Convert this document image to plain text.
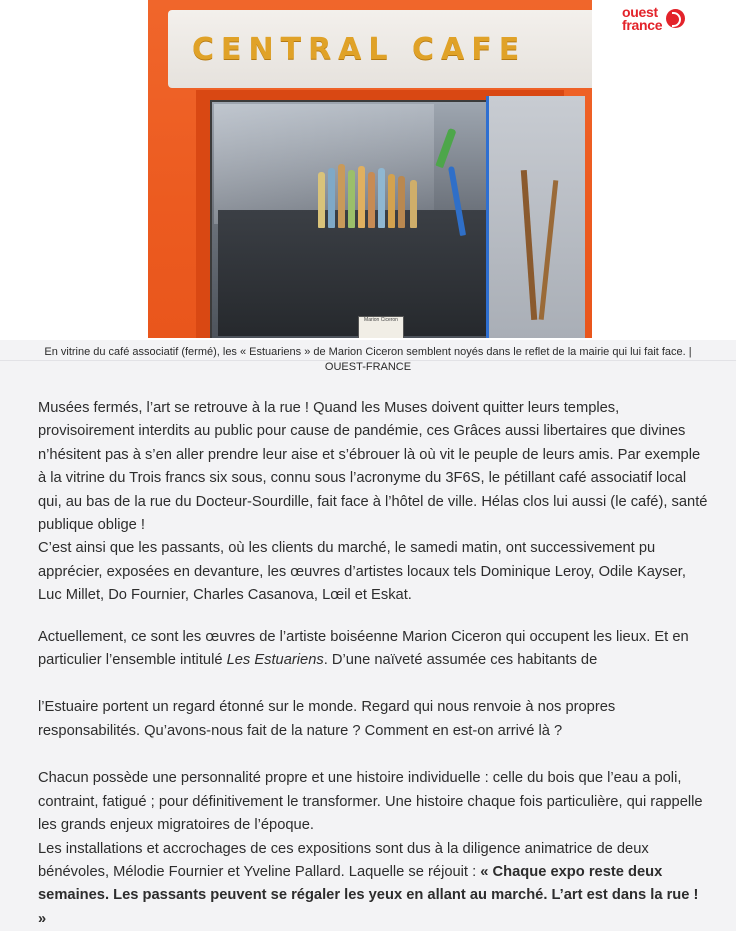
CENTRAL CAFE
Marion Ciceron
ouest
france
En vitrine du café associatif (fermé), les « Estuariens » de Marion Ciceron semblent noyés dans le reflet de la mairie qui lui fait face. | OUEST-FRANCE

Musées fermés, l’art se retrouve à la rue ! Quand les Muses doivent quitter leurs temples, provisoirement interdits au public pour cause de pandémie, ces Grâces aussi libertaires que divines n’hésitent pas à s’en aller prendre leur aise et s’ébrouer là où vit le peuple de leurs amis. Par exemple à la vitrine du Trois francs six sous, connu sous l’acronyme du 3F6S, le pétillant café associatif local qui, au bas de la rue du Docteur-Sourdille, fait face à l’hôtel de ville. Hélas clos lui aussi (le café), santé publique oblige !

C’est ainsi que les passants, où les clients du marché, le samedi matin, ont successivement pu apprécier, exposées en devanture, les œuvres d’artistes locaux tels Dominique Leroy, Odile Kayser, Luc Millet, Do Fournier, Charles Casanova, Lœil et Eskat.

Actuellement, ce sont les œuvres de l’artiste boiséenne Marion Ciceron qui occupent les lieux. Et en particulier l’ensemble intitulé Les Estuariens. D’une naïveté assumée ces habitants de

l’Estuaire portent un regard étonné sur le monde. Regard qui nous renvoie à nos propres responsabilités. Qu’avons-nous fait de la nature ? Comment en est-on arrivé là ?

Chacun possède une personnalité propre et une histoire individuelle : celle du bois que l’eau a poli, contraint, fatigué ; pour définitivement le transformer. Une histoire chaque fois particulière, qui rappelle les grands enjeux migratoires de l’époque.

Les installations et accrochages de ces expositions sont dus à la diligence animatrice de deux bénévoles, Mélodie Fournier et Yveline Pallard. Laquelle se réjouit : « Chaque expo reste deux semaines. Les passants peuvent se régaler les yeux en allant au marché. L’art est dans la rue ! »
